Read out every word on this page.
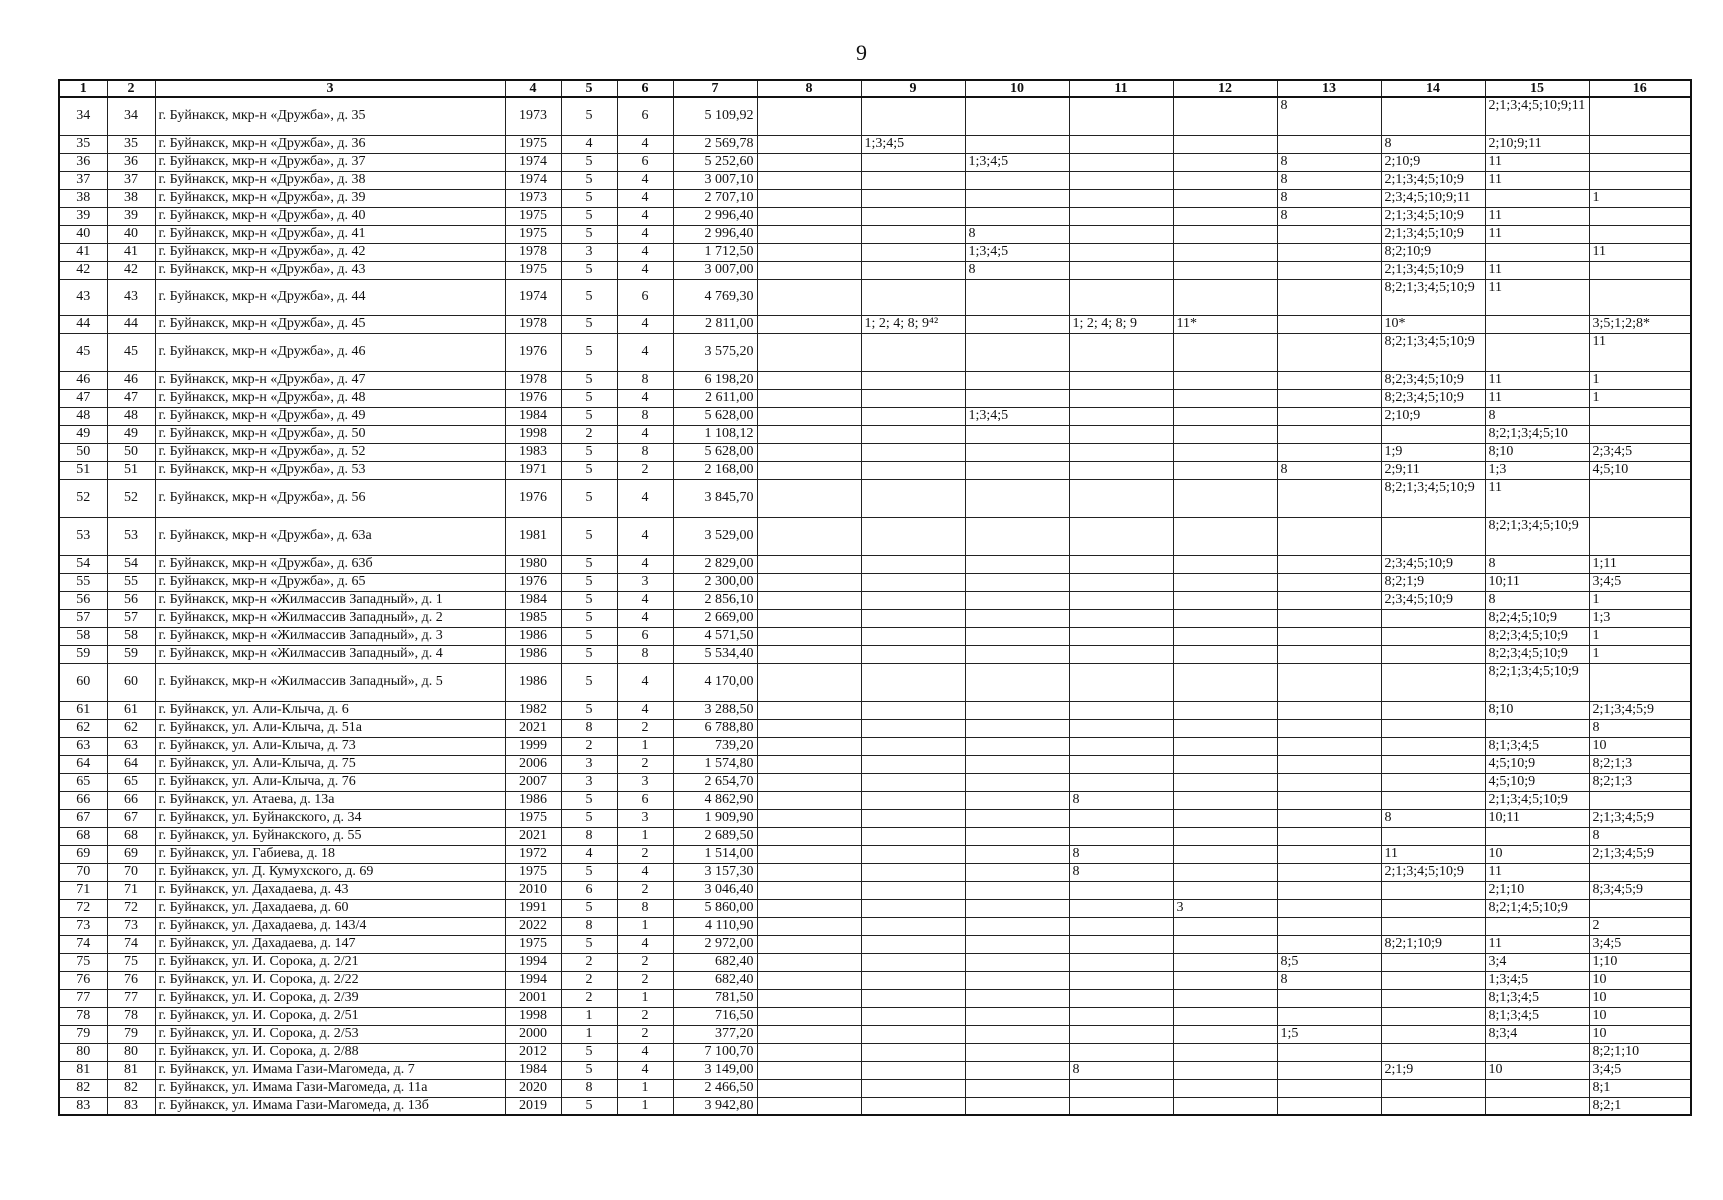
9
1	2	3	4	5	6	7	8	9	10	11	12	13	14	15	16
34	34	г. Буйнакск, мкр-н «Дружба», д. 35	1973	5	6	5 109,92						8		2;1;3;4;5;10;9;11	
35	35	г. Буйнакск, мкр-н «Дружба», д. 36	1975	4	4	2 569,78		1;3;4;5					8	2;10;9;11	
36	36	г. Буйнакск, мкр-н «Дружба», д. 37	1974	5	6	5 252,60			1;3;4;5			8	2;10;9	11	
37	37	г. Буйнакск, мкр-н «Дружба», д. 38	1974	5	4	3 007,10						8	2;1;3;4;5;10;9	11	
38	38	г. Буйнакск, мкр-н «Дружба», д. 39	1973	5	4	2 707,10						8	2;3;4;5;10;9;11		1
39	39	г. Буйнакск, мкр-н «Дружба», д. 40	1975	5	4	2 996,40						8	2;1;3;4;5;10;9	11	
40	40	г. Буйнакск, мкр-н «Дружба», д. 41	1975	5	4	2 996,40			8				2;1;3;4;5;10;9	11	
41	41	г. Буйнакск, мкр-н «Дружба», д. 42	1978	3	4	1 712,50			1;3;4;5				8;2;10;9		11
42	42	г. Буйнакск, мкр-н «Дружба», д. 43	1975	5	4	3 007,00			8				2;1;3;4;5;10;9	11	
43	43	г. Буйнакск, мкр-н «Дружба», д. 44	1974	5	6	4 769,30							8;2;1;3;4;5;10;9	11	
44	44	г. Буйнакск, мкр-н «Дружба», д. 45	1978	5	4	2 811,00		1; 2; 4; 8; 9⁴²		1; 2; 4; 8; 9	11*		10*		3;5;1;2;8*
45	45	г. Буйнакск, мкр-н «Дружба», д. 46	1976	5	4	3 575,20							8;2;1;3;4;5;10;9		11
46	46	г. Буйнакск, мкр-н «Дружба», д. 47	1978	5	8	6 198,20							8;2;3;4;5;10;9	11	1
47	47	г. Буйнакск, мкр-н «Дружба», д. 48	1976	5	4	2 611,00							8;2;3;4;5;10;9	11	1
48	48	г. Буйнакск, мкр-н «Дружба», д. 49	1984	5	8	5 628,00			1;3;4;5				2;10;9	8	
49	49	г. Буйнакск, мкр-н «Дружба», д. 50	1998	2	4	1 108,12								8;2;1;3;4;5;10	
50	50	г. Буйнакск, мкр-н «Дружба», д. 52	1983	5	8	5 628,00							1;9	8;10	2;3;4;5
51	51	г. Буйнакск, мкр-н «Дружба», д. 53	1971	5	2	2 168,00						8	2;9;11	1;3	4;5;10
52	52	г. Буйнакск, мкр-н «Дружба», д. 56	1976	5	4	3 845,70							8;2;1;3;4;5;10;9	11	
53	53	г. Буйнакск, мкр-н «Дружба», д. 63а	1981	5	4	3 529,00								8;2;1;3;4;5;10;9	
54	54	г. Буйнакск, мкр-н «Дружба», д. 63б	1980	5	4	2 829,00							2;3;4;5;10;9	8	1;11
55	55	г. Буйнакск, мкр-н «Дружба», д. 65	1976	5	3	2 300,00							8;2;1;9	10;11	3;4;5
56	56	г. Буйнакск, мкр-н «Жилмассив Западный», д. 1	1984	5	4	2 856,10							2;3;4;5;10;9	8	1
57	57	г. Буйнакск, мкр-н «Жилмассив Западный», д. 2	1985	5	4	2 669,00								8;2;4;5;10;9	1;3
58	58	г. Буйнакск, мкр-н «Жилмассив Западный», д. 3	1986	5	6	4 571,50								8;2;3;4;5;10;9	1
59	59	г. Буйнакск, мкр-н «Жилмассив Западный», д. 4	1986	5	8	5 534,40								8;2;3;4;5;10;9	1
60	60	г. Буйнакск, мкр-н «Жилмассив Западный», д. 5	1986	5	4	4 170,00								8;2;1;3;4;5;10;9	
61	61	г. Буйнакск, ул. Али-Клыча, д. 6	1982	5	4	3 288,50								8;10	2;1;3;4;5;9
62	62	г. Буйнакск, ул. Али-Клыча, д. 51а	2021	8	2	6 788,80									8
63	63	г. Буйнакск, ул. Али-Клыча, д. 73	1999	2	1	739,20								8;1;3;4;5	10
64	64	г. Буйнакск, ул. Али-Клыча, д. 75	2006	3	2	1 574,80								4;5;10;9	8;2;1;3
65	65	г. Буйнакск, ул. Али-Клыча, д. 76	2007	3	3	2 654,70								4;5;10;9	8;2;1;3
66	66	г. Буйнакск, ул. Атаева, д. 13а	1986	5	6	4 862,90				8				2;1;3;4;5;10;9	
67	67	г. Буйнакск, ул. Буйнакского, д. 34	1975	5	3	1 909,90							8	10;11	2;1;3;4;5;9
68	68	г. Буйнакск, ул. Буйнакского, д. 55	2021	8	1	2 689,50									8
69	69	г. Буйнакск, ул. Габиева, д. 18	1972	4	2	1 514,00				8			11	10	2;1;3;4;5;9
70	70	г. Буйнакск, ул. Д. Кумухского, д. 69	1975	5	4	3 157,30				8			2;1;3;4;5;10;9	11	
71	71	г. Буйнакск, ул. Дахадаева, д. 43	2010	6	2	3 046,40								2;1;10	8;3;4;5;9
72	72	г. Буйнакск, ул. Дахадаева, д. 60	1991	5	8	5 860,00					3			8;2;1;4;5;10;9	
73	73	г. Буйнакск, ул. Дахадаева, д. 143/4	2022	8	1	4 110,90									2
74	74	г. Буйнакск, ул. Дахадаева, д. 147	1975	5	4	2 972,00							8;2;1;10;9	11	3;4;5
75	75	г. Буйнакск, ул. И. Сорока, д. 2/21	1994	2	2	682,40						8;5		3;4	1;10
76	76	г. Буйнакск, ул. И. Сорока, д. 2/22	1994	2	2	682,40						8		1;3;4;5	10
77	77	г. Буйнакск, ул. И. Сорока, д. 2/39	2001	2	1	781,50								8;1;3;4;5	10
78	78	г. Буйнакск, ул. И. Сорока, д. 2/51	1998	1	2	716,50								8;1;3;4;5	10
79	79	г. Буйнакск, ул. И. Сорока, д. 2/53	2000	1	2	377,20						1;5		8;3;4	10
80	80	г. Буйнакск, ул. И. Сорока, д. 2/88	2012	5	4	7 100,70									8;2;1;10
81	81	г. Буйнакск, ул. Имама Гази-Магомеда, д. 7	1984	5	4	3 149,00				8			2;1;9	10	3;4;5
82	82	г. Буйнакск, ул. Имама Гази-Магомеда, д. 11а	2020	8	1	2 466,50									8;1
83	83	г. Буйнакск, ул. Имама Гази-Магомеда, д. 13б	2019	5	1	3 942,80									8;2;1
